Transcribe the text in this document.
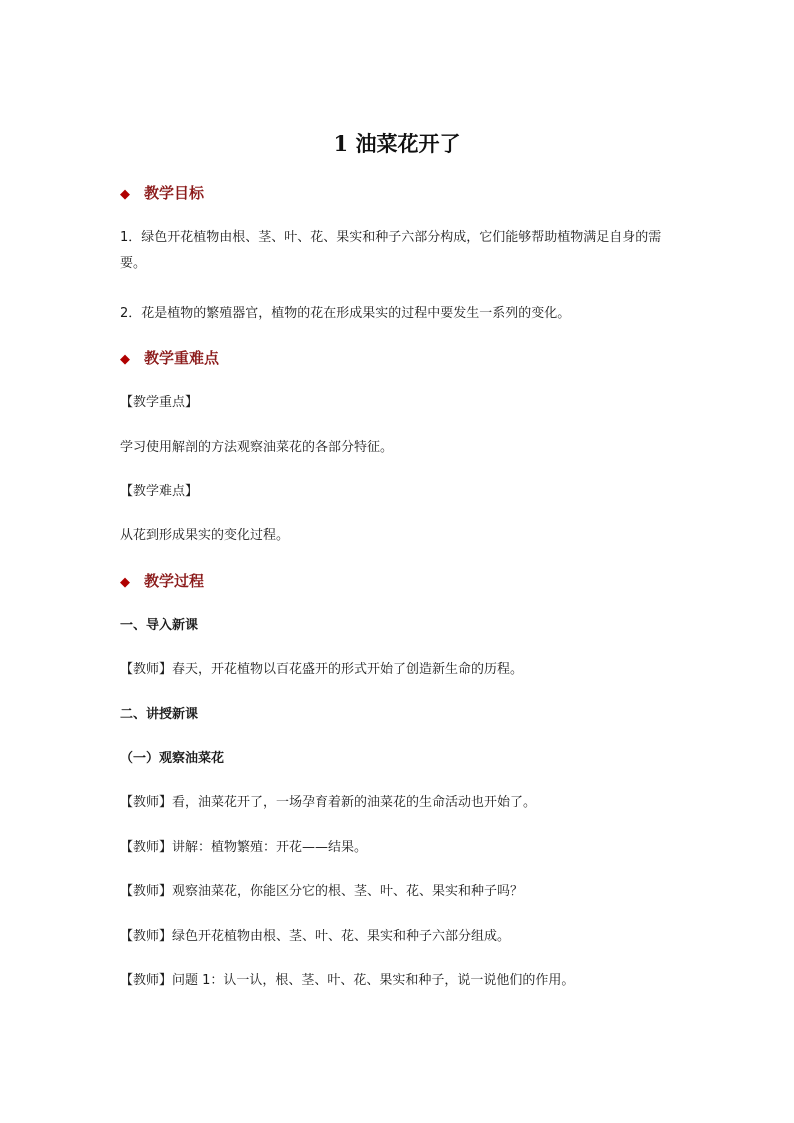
1 油菜花开了
◆ 教学目标
1．绿色开花植物由根、茎、叶、花、果实和种子六部分构成，它们能够帮助植物满足自身的需要。
2．花是植物的繁殖器官，植物的花在形成果实的过程中要发生一系列的变化。
◆ 教学重难点
【教学重点】
学习使用解剖的方法观察油菜花的各部分特征。
【教学难点】
从花到形成果实的变化过程。
◆ 教学过程
一、导入新课
【教师】春天，开花植物以百花盛开的形式开始了创造新生命的历程。
二、讲授新课
（一）观察油菜花
【教师】看，油菜花开了，一场孕育着新的油菜花的生命活动也开始了。
【教师】讲解：植物繁殖：开花——结果。
【教师】观察油菜花，你能区分它的根、茎、叶、花、果实和种子吗？
【教师】绿色开花植物由根、茎、叶、花、果实和种子六部分组成。
【教师】问题 1：认一认，根、茎、叶、花、果实和种子，说一说他们的作用。
